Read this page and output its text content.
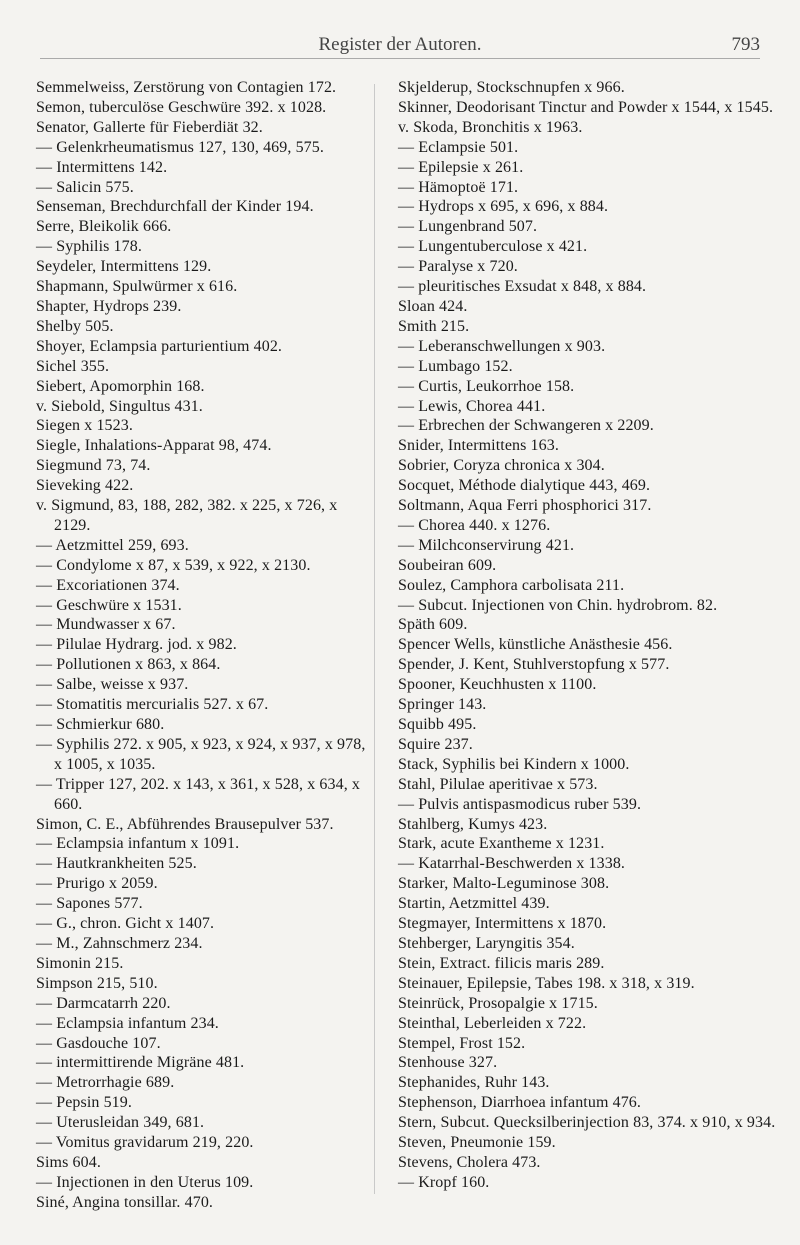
Register der Autoren.	793

Semmelweiss, Zerstörung von Contagien 172.

Semon, tuberculöse Geschwüre 392. x 1028.

Senator, Gallerte für Fieberdiät 32.

— Gelenkrheumatismus 127, 130, 469, 575.

— Intermittens 142.

— Salicin 575.

Senseman, Brechdurchfall der Kinder 194.

Serre, Bleikolik 666.

— Syphilis 178.

Seydeler, Intermittens 129.

Shapmann, Spulwürmer x 616.

Shapter, Hydrops 239.

Shelby 505.

Shoyer, Eclampsia parturientium 402.

Sichel 355.

Siebert, Apomorphin 168.

v. Siebold, Singultus 431.

Siegen x 1523.

Siegle, Inhalations-Apparat 98, 474.

Siegmund 73, 74.

Sieveking 422.

v. Sigmund, 83, 188, 282, 382. x 225, x 726, x 2129.

— Aetzmittel 259, 693.

— Condylome x 87, x 539, x 922, x 2130.

— Excoriationen 374.

— Geschwüre x 1531.

— Mundwasser x 67.

— Pilulae Hydrarg. jod. x 982.

— Pollutionen x 863, x 864.

— Salbe, weisse x 937.

— Stomatitis mercurialis 527. x 67.

— Schmierkur 680.

— Syphilis 272. x 905, x 923, x 924, x 937, x 978, x 1005, x 1035.

— Tripper 127, 202. x 143, x 361, x 528, x 634, x 660.

Simon, C. E., Abführendes Brausepulver 537.

— Eclampsia infantum x 1091.

— Hautkrankheiten 525.

— Prurigo x 2059.

— Sapones 577.

— G., chron. Gicht x 1407.

— M., Zahnschmerz 234.

Simonin 215.

Simpson 215, 510.

— Darmcatarrh 220.

— Eclampsia infantum 234.

— Gasdouche 107.

— intermittirende Migräne 481.

— Metrorrhagie 689.

— Pepsin 519.

— Uterusleidan 349, 681.

— Vomitus gravidarum 219, 220.

Sims 604.

— Injectionen in den Uterus 109.

Siné, Angina tonsillar. 470.

Skjelderup, Stockschnupfen x 966.

Skinner, Deodorisant Tinctur and Powder x 1544, x 1545.

v. Skoda, Bronchitis x 1963.

— Eclampsie 501.

— Epilepsie x 261.

— Hämoptoë 171.

— Hydrops x 695, x 696, x 884.

— Lungenbrand 507.

— Lungentuberculose x 421.

— Paralyse x 720.

— pleuritisches Exsudat x 848, x 884.

Sloan 424.

Smith 215.

— Leberanschwellungen x 903.

— Lumbago 152.

— Curtis, Leukorrhoe 158.

— Lewis, Chorea 441.

— Erbrechen der Schwangeren x 2209.

Snider, Intermittens 163.

Sobrier, Coryza chronica x 304.

Socquet, Méthode dialytique 443, 469.

Soltmann, Aqua Ferri phosphorici 317.

— Chorea 440. x 1276.

— Milchconservirung 421.

Soubeiran 609.

Soulez, Camphora carbolisata 211.

— Subcut. Injectionen von Chin. hydrobrom. 82.

Späth 609.

Spencer Wells, künstliche Anästhesie 456.

Spender, J. Kent, Stuhlverstopfung x 577.

Spooner, Keuchhusten x 1100.

Springer 143.

Squibb 495.

Squire 237.

Stack, Syphilis bei Kindern x 1000.

Stahl, Pilulae aperitivae x 573.

— Pulvis antispasmodicus ruber 539.

Stahlberg, Kumys 423.

Stark, acute Exantheme x 1231.

— Katarrhal-Beschwerden x 1338.

Starker, Malto-Leguminose 308.

Startin, Aetzmittel 439.

Stegmayer, Intermittens x 1870.

Stehberger, Laryngitis 354.

Stein, Extract. filicis maris 289.

Steinauer, Epilepsie, Tabes 198. x 318, x 319.

Steinrück, Prosopalgie x 1715.

Steinthal, Leberleiden x 722.

Stempel, Frost 152.

Stenhouse 327.

Stephanides, Ruhr 143.

Stephenson, Diarrhoea infantum 476.

Stern, Subcut. Quecksilberinjection 83, 374. x 910, x 934.

Steven, Pneumonie 159.

Stevens, Cholera 473.

— Kropf 160.
